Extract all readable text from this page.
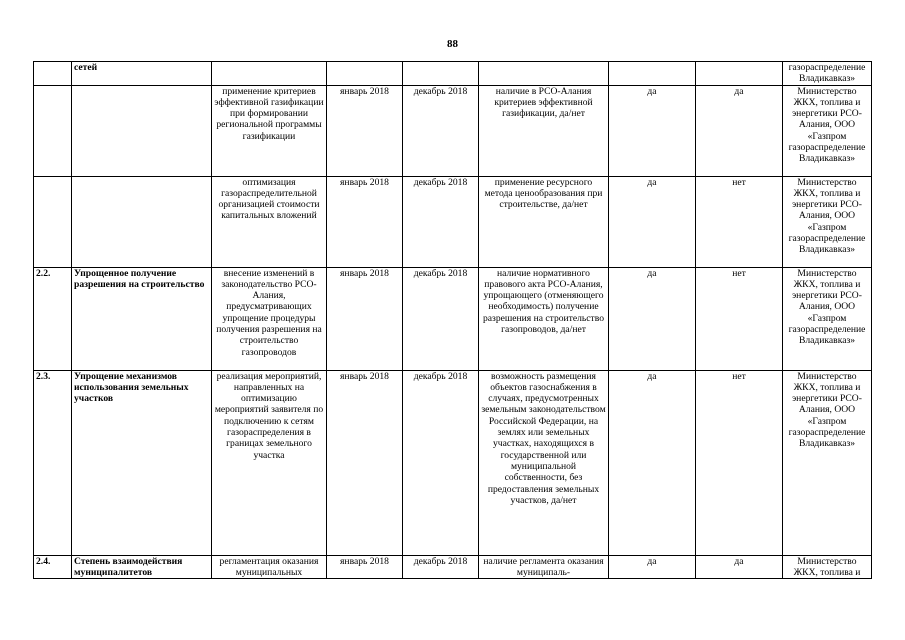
88
	сетей							газораспределение Владикавказ»
		применение критериев эффективной газификации при формировании региональной программы газификации	январь 2018	декабрь 2018	наличие в РСО-Алания критериев эффективной газификации, да/нет	да	да	Министерство ЖКХ, топлива и энергетики РСО-Алания, ООО «Газпром газораспределение Владикавказ»
		оптимизация газораспределительной организацией стоимости капитальных вложений	январь 2018	декабрь 2018	применение ресурсного метода ценообразования при строительстве, да/нет	да	нет	Министерство ЖКХ, топлива и энергетики РСО-Алания, ООО «Газпром газораспределение Владикавказ»
2.2.	Упрощенное получение разрешения на строительство	внесение изменений в законодательство РСО-Алания, предусматривающих упрощение процедуры получения разрешения на строительство газопроводов	январь 2018	декабрь 2018	наличие нормативного правового акта РСО-Алания, упрощающего (отменяющего необходимость) получение разрешения на строительство газопроводов, да/нет	да	нет	Министерство ЖКХ, топлива и энергетики РСО-Алания, ООО «Газпром газораспределение Владикавказ»
2.3.	Упрощение механизмов использования земельных участков	реализация мероприятий, направленных на оптимизацию мероприятий заявителя по подключению к сетям газораспределения в границах земельного участка	январь 2018	декабрь 2018	возможность размещения объектов газоснабжения в случаях, предусмотренных земельным законодательством Российской Федерации, на землях или земельных участках, находящихся в государственной или муниципальной собственности, без предоставления земельных участков, да/нет	да	нет	Министерство ЖКХ, топлива и энергетики РСО-Алания, ООО «Газпром газораспределение Владикавказ»
2.4.	Степень взаимодействия муниципалитетов	регламентация оказания муниципальных	январь 2018	декабрь 2018	наличие регламента оказания муниципаль-	да	да	Министерство ЖКХ, топлива и
